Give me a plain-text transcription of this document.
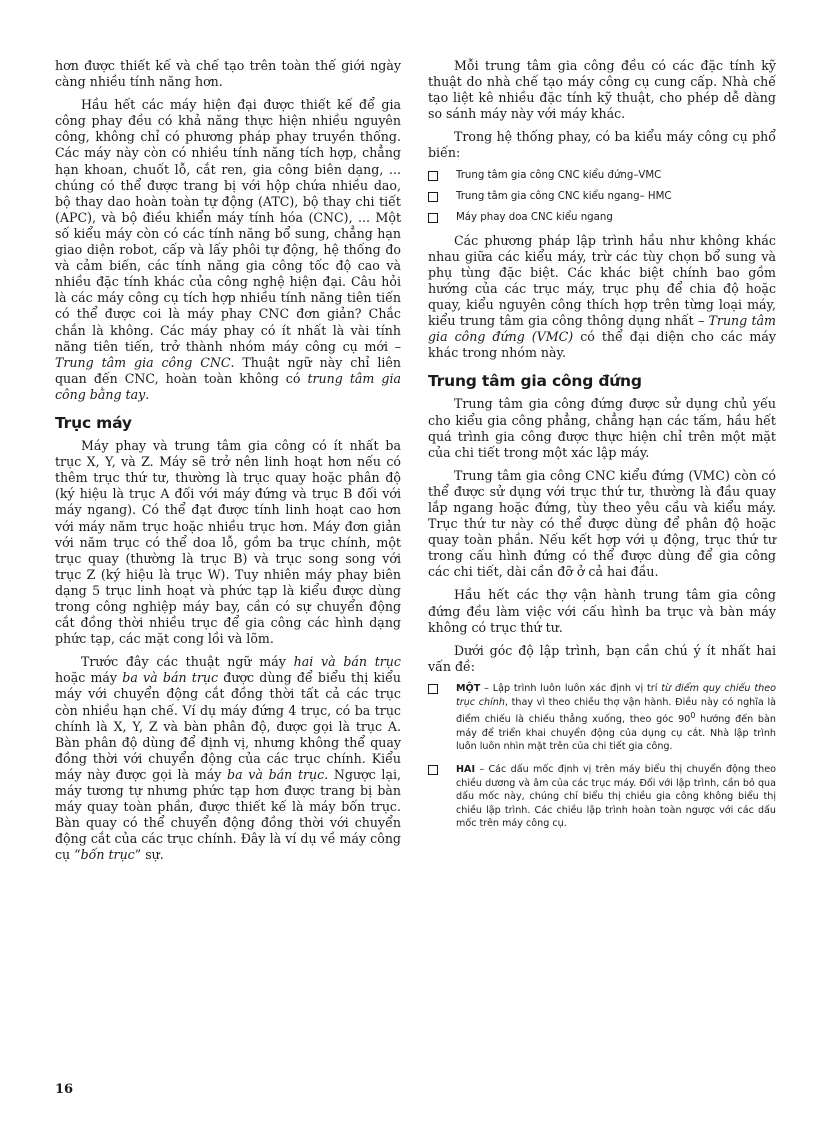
hơn được thiết kế và chế tạo trên toàn thế giới ngày càng nhiều tính năng hơn.

Hầu hết các máy hiện đại được thiết kế để gia công phay đều có khả năng thực hiện nhiều nguyên công, không chỉ có phương pháp phay truyền thống. Các máy này còn có nhiều tính năng tích hợp, chẳng hạn khoan, chuốt lỗ, cắt ren, gia công biên dạng, ... chúng có thể được trang bị với hộp chứa nhiều dao, bộ thay dao hoàn toàn tự động (ATC), bộ thay chi tiết (APC), và bộ điều khiển máy tính hóa (CNC), ... Một số kiểu máy còn có các tính năng bổ sung, chẳng hạn giao diện robot, cấp và lấy phôi tự động, hệ thống đo và cảm biến, các tính năng gia công tốc độ cao và nhiều đặc tính khác của công nghệ hiện đại. Câu hỏi là các máy công cụ tích hợp nhiều tính năng tiên tiến có thể được coi là máy phay CNC đơn giản? Chắc chắn là không. Các máy phay có ít nhất là vài tính năng tiên tiến, trở thành nhóm máy công cụ mới – Trung tâm gia công CNC. Thuật ngữ này chỉ liên quan đến CNC, hoàn toàn không có trung tâm gia công bằng tay.

Trục máy

Máy phay và trung tâm gia công có ít nhất ba trục X, Y, và Z. Máy sẽ trở nên linh hoạt hơn nếu có thêm trục thứ tư, thường là trục quay hoặc phân độ (ký hiệu là trục A đối với máy đứng và trục B đối với máy ngang). Có thể đạt được tính linh hoạt cao hơn với máy năm trục hoặc nhiều trục hơn. Máy đơn giản với năm trục có thể doa lỗ, gồm ba trục chính, một trục quay (thường là trục B) và trục song song với trục Z (ký hiệu là trục W). Tuy nhiên máy phay biên dạng 5 trục linh hoạt và phức tạp là kiểu được dùng trong công nghiệp máy bay, cần có sự chuyển động cắt đồng thời nhiều trục để gia công các hình dạng phức tạp, các mặt cong lồi và lõm.

Trước đây các thuật ngữ máy hai và bán trục hoặc máy ba và bán trục được dùng để biểu thị kiểu máy với chuyển động cắt đồng thời tất cả các trục còn nhiều hạn chế. Ví dụ máy đứng 4 trục, có ba trục chính là X, Y, Z và bàn phân độ, được gọi là trục A. Bàn phân độ dùng để định vị, nhưng không thể quay đồng thời với chuyển động của các trục chính. Kiểu máy này được gọi là máy ba và bán trục. Ngược lại, máy tương tự nhưng phức tạp hơn được trang bị bàn máy quay toàn phần, được thiết kế là máy bốn trục. Bàn quay có thể chuyển động đồng thời với chuyển động cắt của các trục chính. Đây là ví dụ về máy công cụ “bốn trục” sự.

Mỗi trung tâm gia công đều có các đặc tính kỹ thuật do nhà chế tạo máy công cụ cung cấp. Nhà chế tạo liệt kê nhiều đặc tính kỹ thuật, cho phép dễ dàng so sánh máy này với máy khác.

Trong hệ thống phay, có ba kiểu máy công cụ phổ biến:

Trung tâm gia công CNC kiểu đứng–VMC
Trung tâm gia công CNC kiểu ngang– HMC
Máy phay doa CNC kiểu ngang

Các phương pháp lập trình hầu như không khác nhau giữa các kiểu máy, trừ các tùy chọn bổ sung và phụ tùng đặc biệt. Các khác biệt chính bao gồm hướng của các trục máy, trục phụ để chia độ hoặc quay, kiểu nguyên công thích hợp trên từng loại máy, kiểu trung tâm gia công thông dụng nhất – Trung tâm gia công đứng (VMC) có thể đại diện cho các máy khác trong nhóm này.

Trung tâm gia công đứng

Trung tâm gia công đứng được sử dụng chủ yếu cho kiểu gia công phẳng, chẳng hạn các tấm, hầu hết quá trình gia công được thực hiện chỉ trên một mặt của chi tiết trong một xác lập máy.

Trung tâm gia công CNC kiểu đứng (VMC) còn có thể được sử dụng với trục thứ tư, thường là đầu quay lắp ngang hoặc đứng, tùy theo yêu cầu và kiểu máy. Trục thứ tư này có thể được dùng để phân độ hoặc quay toàn phần. Nếu kết hợp với ụ động, trục thứ tư trong cấu hình đứng có thể được dùng để gia công các chi tiết, dài cần đỡ ở cả hai đầu.

Hầu hết các thợ vận hành trung tâm gia công đứng đều làm việc với cấu hình ba trục và bàn máy không có trục thứ tư.

Dưới góc độ lập trình, bạn cần chú ý ít nhất hai vấn đề:

MỘT – Lập trình luôn luôn xác định vị trí từ điểm quy chiếu theo trục chính, thay vì theo chiều thợ vận hành. Điều này có nghĩa là điểm chiếu là chiếu thẳng xuống, theo góc $90^0$ hướng đến bàn máy để triển khai chuyển động của dụng cụ cắt. Nhà lập trình luôn luôn nhìn mặt trên của chi tiết gia công.
HAI – Các dấu mốc định vị trên máy biểu thị chuyển động theo chiều dương và âm của các trục máy. Đối với lập trình, cần bỏ qua dấu mốc này, chúng chỉ biểu thị chiều gia công không biểu thị chiều lập trình. Các chiều lập trình hoàn toàn ngược với các dấu mốc trên máy công cụ.
16
